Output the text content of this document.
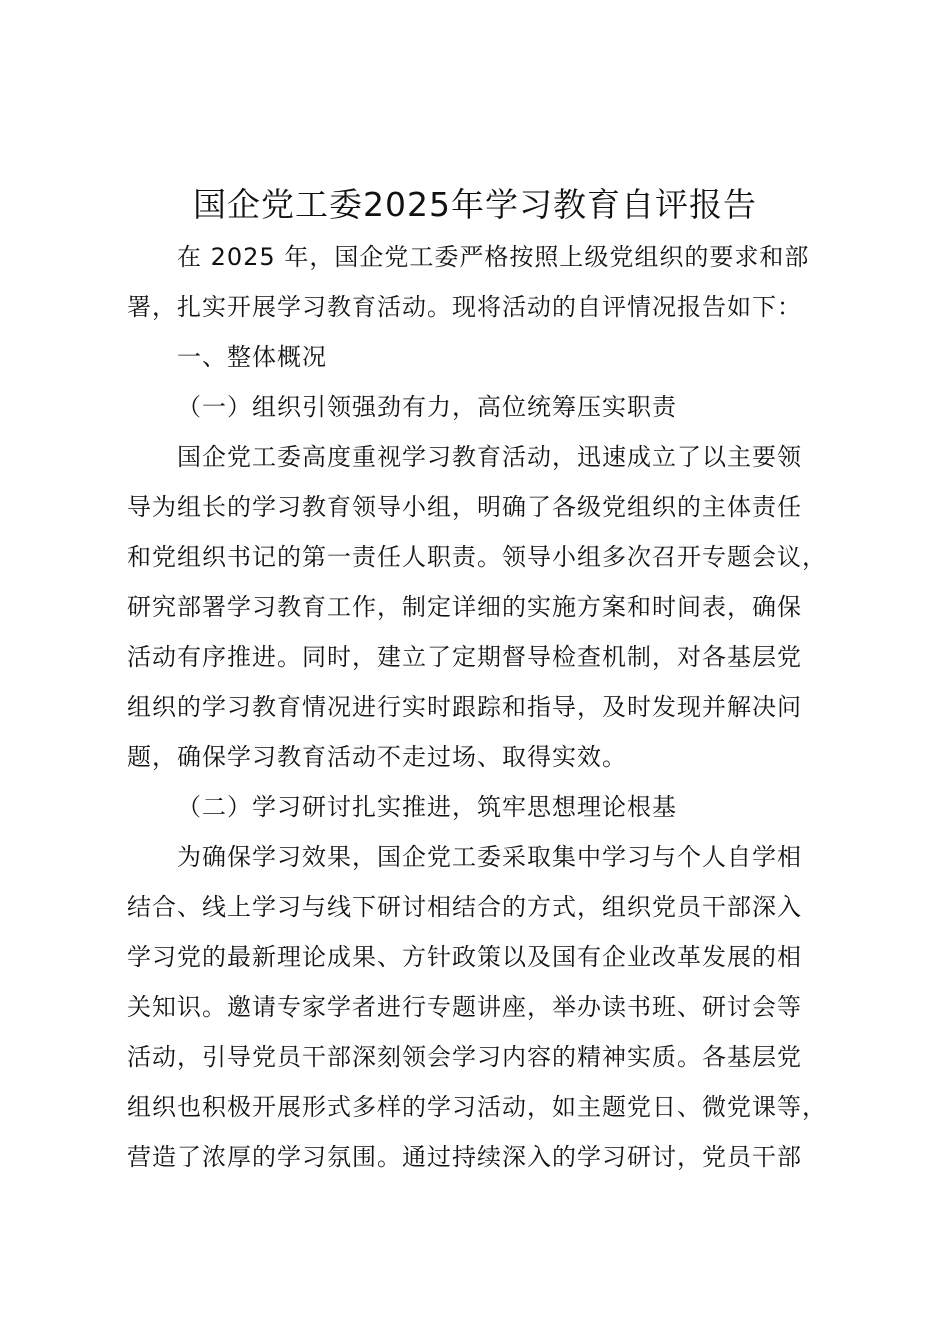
国企党工委2025年学习教育自评报告
在 2025 年，国企党工委严格按照上级党组织的要求和部
署，扎实开展学习教育活动。现将活动的自评情况报告如下：
一、整体概况
（一）组织引领强劲有力，高位统筹压实职责
国企党工委高度重视学习教育活动，迅速成立了以主要领
导为组长的学习教育领导小组，明确了各级党组织的主体责任
和党组织书记的第一责任人职责。领导小组多次召开专题会议，
研究部署学习教育工作，制定详细的实施方案和时间表，确保
活动有序推进。同时，建立了定期督导检查机制，对各基层党
组织的学习教育情况进行实时跟踪和指导，及时发现并解决问
题，确保学习教育活动不走过场、取得实效。
（二）学习研讨扎实推进，筑牢思想理论根基
为确保学习效果，国企党工委采取集中学习与个人自学相
结合、线上学习与线下研讨相结合的方式，组织党员干部深入
学习党的最新理论成果、方针政策以及国有企业改革发展的相
关知识。邀请专家学者进行专题讲座，举办读书班、研讨会等
活动，引导党员干部深刻领会学习内容的精神实质。各基层党
组织也积极开展形式多样的学习活动，如主题党日、微党课等，
营造了浓厚的学习氛围。通过持续深入的学习研讨，党员干部
